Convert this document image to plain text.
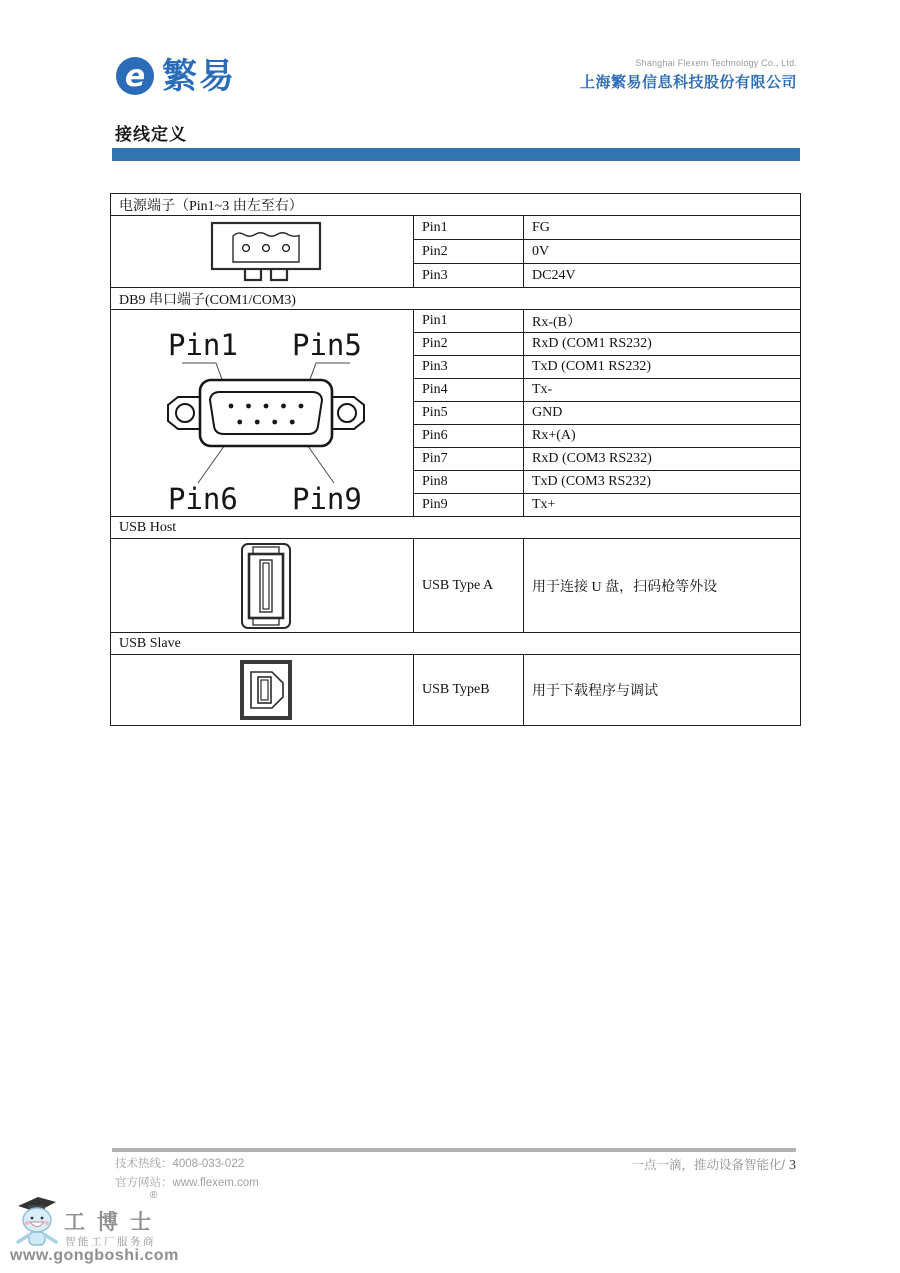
e 繁易	Shanghai Flexem Technology Co., Ltd.
上海繁易信息科技股份有限公司
接线定义
电源端子（Pin1~3 由左至右）		

	Pin1	FG
	Pin2	0V
	Pin3	DC24V
DB9 串口端子(COM1/COM3)		

Pin1 Pin5
Pin6 Pin9	Pin1	Rx-(B）
	Pin2	RxD (COM1 RS232)
	Pin3	TxD (COM1 RS232)
	Pin4	Tx-
	Pin5	GND
	Pin6	Rx+(A)
	Pin7	RxD (COM3 RS232)
	Pin8	TxD (COM3 RS232)
	Pin9	Tx+
USB Host		

	USB Type A	用于连接 U 盘，扫码枪等外设
USB Slave		

	USB TypeB	用于下载程序与调试
技术热线：4008-033-022
官方网站：www.flexem.com
一点一滴，推动设备智能化/ 3
®
工博士
智能工厂服务商
www.gongboshi.com
